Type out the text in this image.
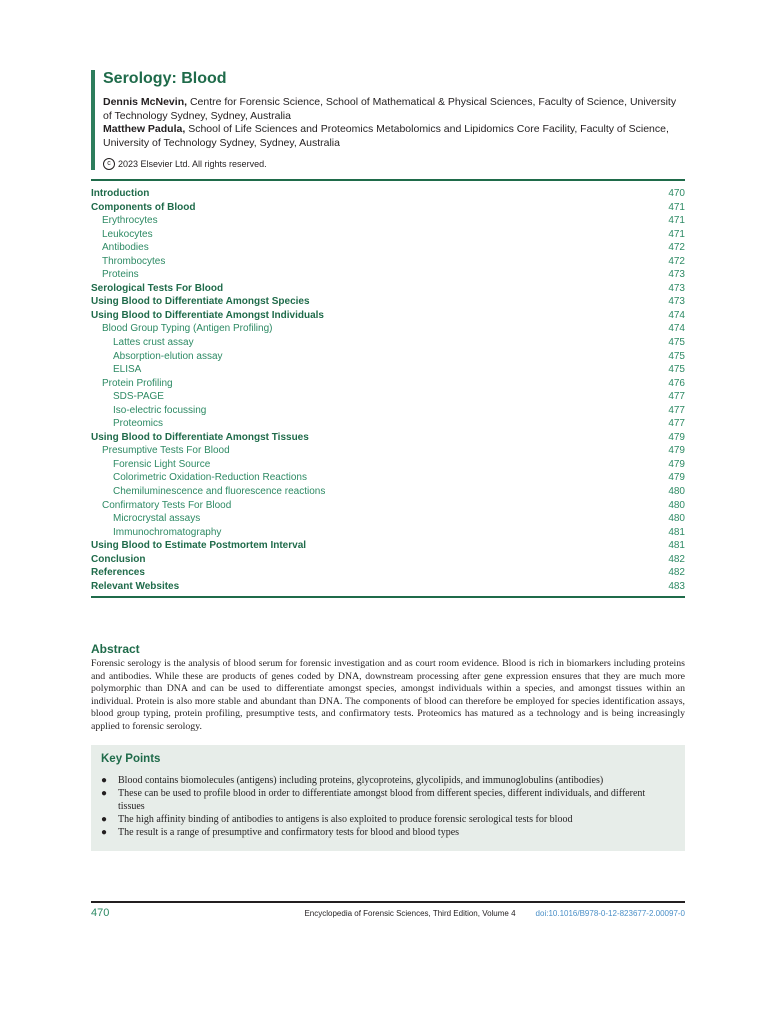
Serology: Blood

Dennis McNevin, Centre for Forensic Science, School of Mathematical & Physical Sciences, Faculty of Science, University of Technology Sydney, Sydney, Australia

Matthew Padula, School of Life Sciences and Proteomics Metabolomics and Lipidomics Core Facility, Faculty of Science, University of Technology Sydney, Sydney, Australia

c 2023 Elsevier Ltd. All rights reserved.
Introduction	470
Components of Blood	471
Erythrocytes	471
Leukocytes	471
Antibodies	472
Thrombocytes	472
Proteins	473
Serological Tests For Blood	473
Using Blood to Differentiate Amongst Species	473
Using Blood to Differentiate Amongst Individuals	474
Blood Group Typing (Antigen Profiling)	474
Lattes crust assay	475
Absorption-elution assay	475
ELISA	475
Protein Profiling	476
SDS-PAGE	477
Iso-electric focussing	477
Proteomics	477
Using Blood to Differentiate Amongst Tissues	479
Presumptive Tests For Blood	479
Forensic Light Source	479
Colorimetric Oxidation-Reduction Reactions	479
Chemiluminescence and fluorescence reactions	480
Confirmatory Tests For Blood	480
Microcrystal assays	480
Immunochromatography	481
Using Blood to Estimate Postmortem Interval	481
Conclusion	482
References	482
Relevant Websites	483
Abstract

Forensic serology is the analysis of blood serum for forensic investigation and as court room evidence. Blood is rich in biomarkers including proteins and antibodies. While these are products of genes coded by DNA, downstream processing after gene expression ensures that they are much more polymorphic than DNA and can be used to differentiate amongst species, amongst individuals within a species, and amongst tissues within an individual. Protein is also more stable and abundant than DNA. The components of blood can therefore be employed for species identification assays, blood group typing, protein profiling, presumptive tests, and confirmatory tests. Proteomics has matured as a technology and is being increasingly applied to forensic serology.

Key Points
●	Blood contains biomolecules (antigens) including proteins, glycoproteins, glycolipids, and immunoglobulins (antibodies)
●	These can be used to profile blood in order to differentiate amongst blood from different species, different individuals, and different tissues
●	The high affinity binding of antibodies to antigens is also exploited to produce forensic serological tests for blood
●	The result is a range of presumptive and confirmatory tests for blood and blood types
470	Encyclopedia of Forensic Sciences, Third Edition, Volume 4	doi:10.1016/B978-0-12-823677-2.00097-0
